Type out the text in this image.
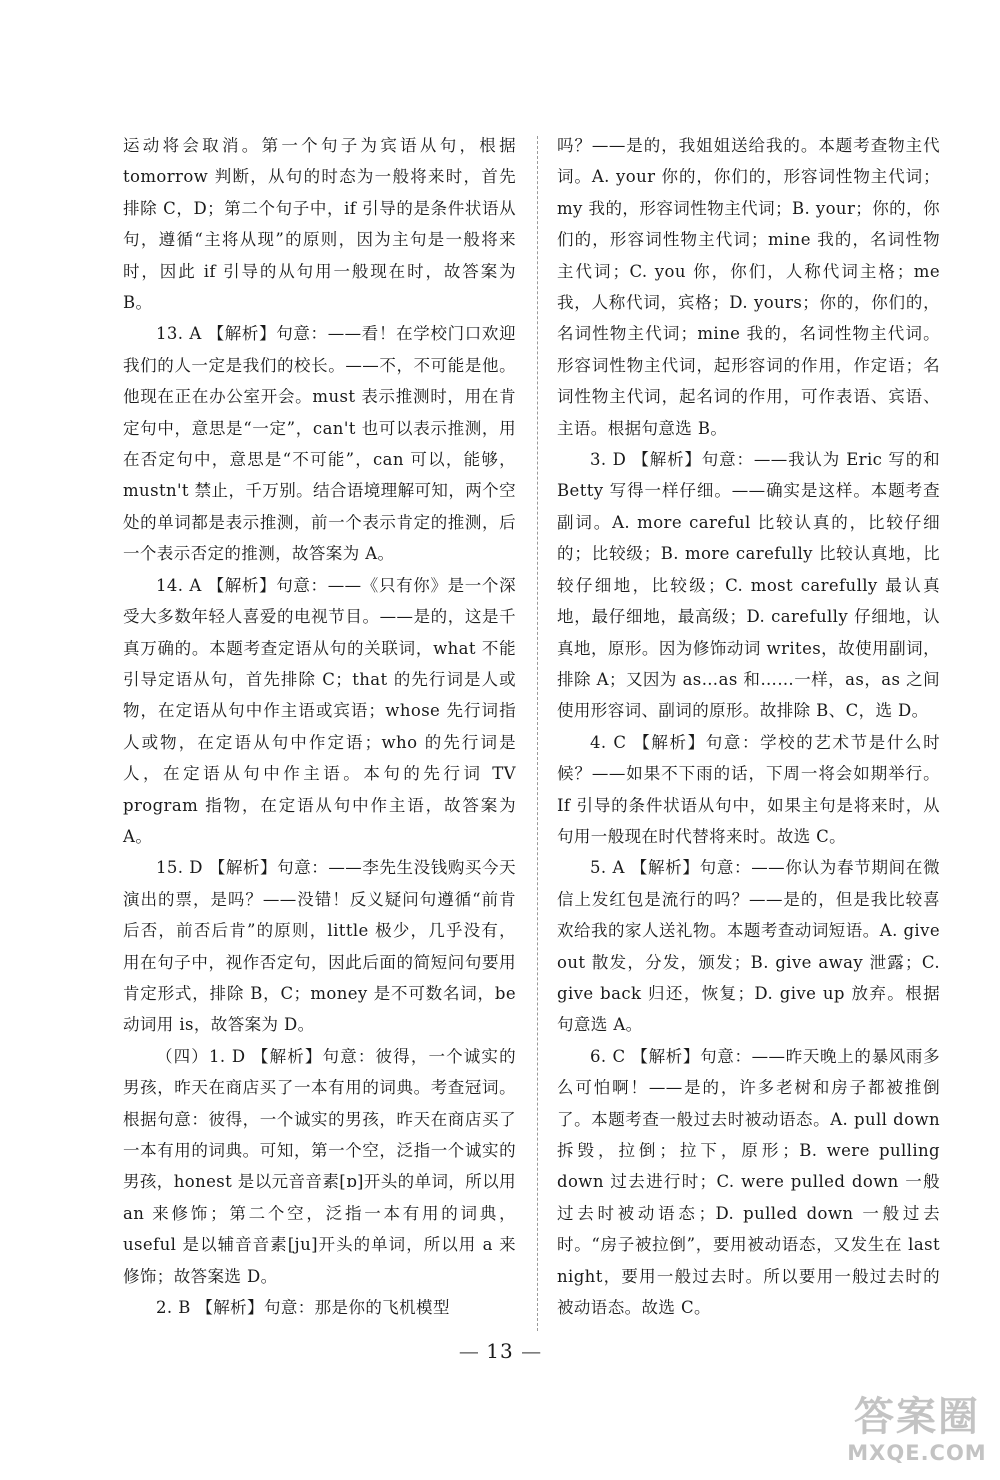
运动将会取消。第一个句子为宾语从句，根据 tomorrow 判断，从句的时态为一般将来时，首先排除 C，D；第二个句子中，if 引导的是条件状语从句，遵循“主将从现”的原则，因为主句是一般将来时，因此 if 引导的从句用一般现在时，故答案为 B。

13. A 【解析】句意：——看！在学校门口欢迎我们的人一定是我们的校长。——不，不可能是他。他现在正在办公室开会。must 表示推测时，用在肯定句中，意思是“一定”，can't 也可以表示推测，用在否定句中，意思是“不可能”，can 可以，能够，mustn't 禁止，千万别。结合语境理解可知，两个空处的单词都是表示推测，前一个表示肯定的推测，后一个表示否定的推测，故答案为 A。

14. A 【解析】句意：——《只有你》是一个深受大多数年轻人喜爱的电视节目。——是的，这是千真万确的。本题考查定语从句的关联词，what 不能引导定语从句，首先排除 C；that 的先行词是人或物，在定语从句中作主语或宾语；whose 先行词指人或物，在定语从句中作定语；who 的先行词是人，在定语从句中作主语。本句的先行词 TV program 指物，在定语从句中作主语，故答案为 A。

15. D 【解析】句意：——李先生没钱购买今天演出的票，是吗？——没错！反义疑问句遵循“前肯后否，前否后肯”的原则，little 极少，几乎没有，用在句子中，视作否定句，因此后面的简短问句要用肯定形式，排除 B，C；money 是不可数名词，be 动词用 is，故答案为 D。

（四）1. D 【解析】句意：彼得，一个诚实的男孩，昨天在商店买了一本有用的词典。考查冠词。根据句意：彼得，一个诚实的男孩，昨天在商店买了一本有用的词典。可知，第一个空，泛指一个诚实的男孩，honest 是以元音音素[ɒ]开头的单词，所以用 an 来修饰；第二个空，泛指一本有用的词典，useful 是以辅音音素[ju]开头的单词，所以用 a 来修饰；故答案选 D。

2. B 【解析】句意：那是你的飞机模型

吗？——是的，我姐姐送给我的。本题考查物主代词。A. your 你的，你们的，形容词性物主代词；my 我的，形容词性物主代词；B. your；你的，你们的，形容词性物主代词；mine 我的，名词性物主代词；C. you 你，你们，人称代词主格；me 我，人称代词，宾格；D. yours；你的，你们的，名词性物主代词；mine 我的，名词性物主代词。形容词性物主代词，起形容词的作用，作定语；名词性物主代词，起名词的作用，可作表语、宾语、主语。根据句意选 B。

3. D 【解析】句意：——我认为 Eric 写的和 Betty 写得一样仔细。——确实是这样。本题考查副词。A. more careful 比较认真的，比较仔细的；比较级；B. more carefully 比较认真地，比较仔细地，比较级；C. most carefully 最认真地，最仔细地，最高级；D. carefully 仔细地，认真地，原形。因为修饰动词 writes，故使用副词，排除 A；又因为 as…as 和……一样，as，as 之间使用形容词、副词的原形。故排除 B、C，选 D。

4. C 【解析】句意：学校的艺术节是什么时候？——如果不下雨的话，下周一将会如期举行。If 引导的条件状语从句中，如果主句是将来时，从句用一般现在时代替将来时。故选 C。

5. A 【解析】句意：——你认为春节期间在微信上发红包是流行的吗？——是的，但是我比较喜欢给我的家人送礼物。本题考查动词短语。A. give out 散发，分发，颁发；B. give away 泄露；C. give back 归还，恢复；D. give up 放弃。根据句意选 A。

6. C 【解析】句意：——昨天晚上的暴风雨多么可怕啊！——是的，许多老树和房子都被推倒了。本题考查一般过去时被动语态。A. pull down 拆毁，拉倒；拉下，原形；B. were pulling down 过去进行时；C. were pulled down 一般过去时被动语态；D. pulled down 一般过去时。“房子被拉倒”，要用被动语态，又发生在 last night，要用一般过去时。所以要用一般过去时的被动语态。故选 C。

— 13 —
答案圈
MXQE.COM
